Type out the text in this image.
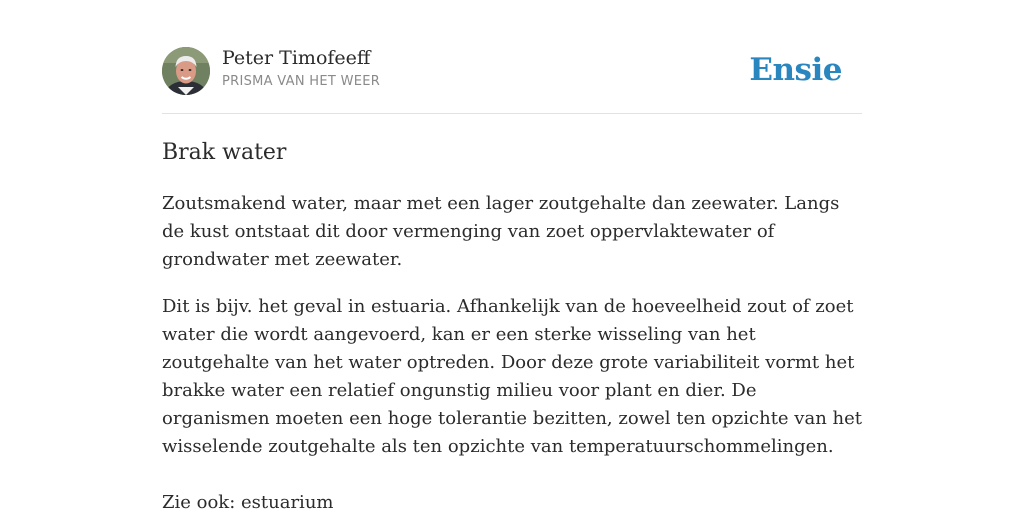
Peter Timofeeff
PRISMA VAN HET WEER	Ensie
Brak water

Zoutsmakend water, maar met een lager zoutgehalte dan zeewater. Langs de kust ontstaat dit door vermenging van zoet oppervlaktewater of grondwater met zeewater.

Dit is bijv. het geval in estuaria. Afhankelijk van de hoeveelheid zout of zoet water die wordt aangevoerd, kan er een sterke wisseling van het zoutgehalte van het water optreden. Door deze grote variabiliteit vormt het brakke water een relatief ongunstig milieu voor plant en dier. De organismen moeten een hoge tolerantie bezitten, zowel ten opzichte van het wisselende zoutgehalte als ten opzichte van temperatuurschommelingen.

Zie ook: estuarium
